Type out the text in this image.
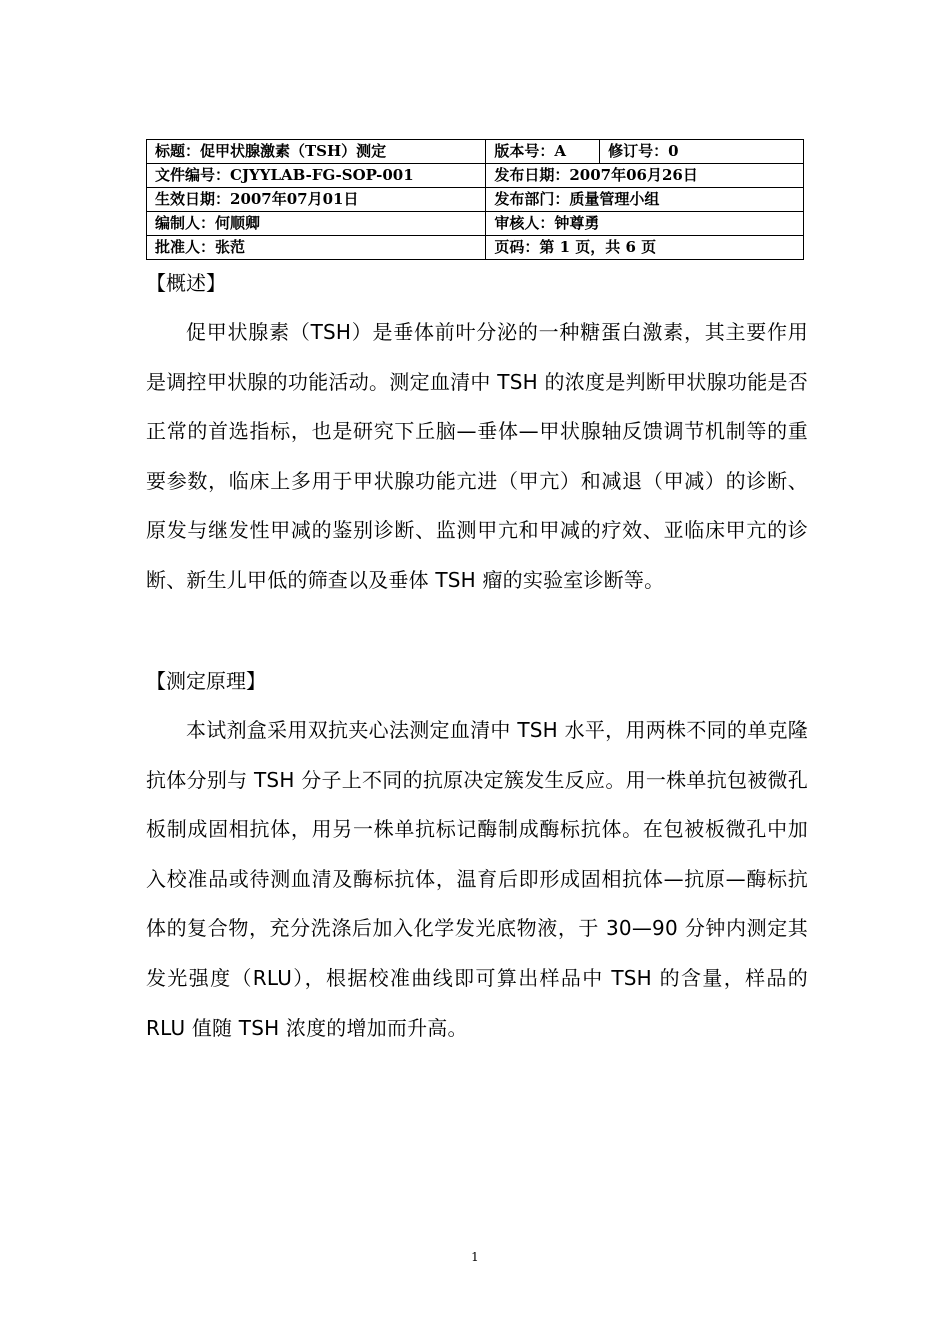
标题：促甲状腺激素（TSH）测定	版本号：A	修订号：0
文件编号：CJYYLAB-FG-SOP-001	发布日期：2007年06月26日	
生效日期：2007年07月01日	发布部门：质量管理小组	
编制人：何顺卿	审核人：钟尊勇	
批准人：张范	页码：第 1 页，共 6 页	
【概述】
促甲状腺素（TSH）是垂体前叶分泌的一种糖蛋白激素，其主要作用是调控甲状腺的功能活动。测定血清中 TSH 的浓度是判断甲状腺功能是否正常的首选指标，也是研究下丘脑—垂体—甲状腺轴反馈调节机制等的重要参数，临床上多用于甲状腺功能亢进（甲亢）和减退（甲减）的诊断、原发与继发性甲减的鉴别诊断、监测甲亢和甲减的疗效、亚临床甲亢的诊断、新生儿甲低的筛查以及垂体 TSH 瘤的实验室诊断等。
【测定原理】
本试剂盒采用双抗夹心法测定血清中 TSH 水平，用两株不同的单克隆抗体分别与 TSH 分子上不同的抗原决定簇发生反应。用一株单抗包被微孔板制成固相抗体，用另一株单抗标记酶制成酶标抗体。在包被板微孔中加入校准品或待测血清及酶标抗体，温育后即形成固相抗体—抗原—酶标抗体的复合物，充分洗涤后加入化学发光底物液，于 30—90 分钟内测定其发光强度（RLU），根据校准曲线即可算出样品中 TSH 的含量，样品的 RLU 值随 TSH 浓度的增加而升高。
1
